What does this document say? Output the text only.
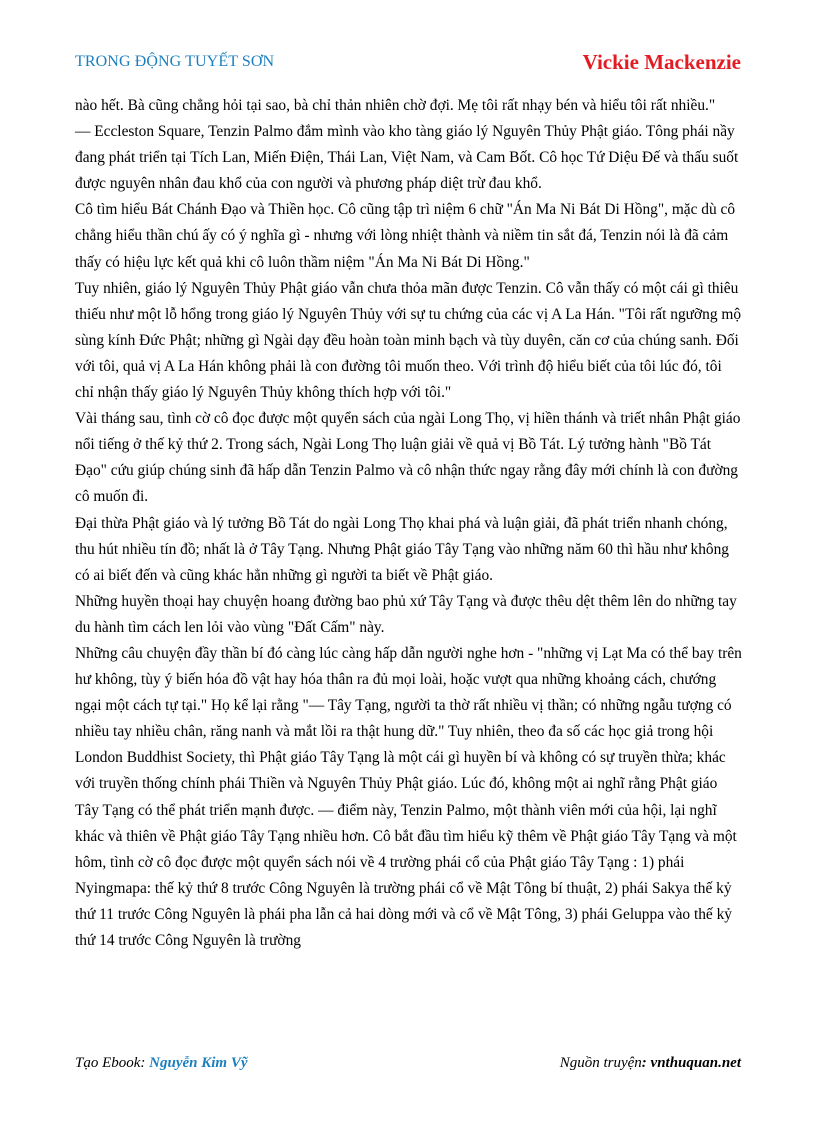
TRONG ĐỘNG TUYẾT SƠN	Vickie Mackenzie

nào hết. Bà cũng chẳng hỏi tại sao, bà chỉ thản nhiên chờ đợi. Mẹ tôi rất nhạy bén và hiểu tôi rất nhiều."

— Eccleston Square, Tenzin Palmo đắm mình vào kho tàng giáo lý Nguyên Thủy Phật giáo. Tông phái nầy đang phát triển tại Tích Lan, Miến Điện, Thái Lan, Việt Nam, và Cam Bốt. Cô học Tứ Diệu Đế và thấu suốt được nguyên nhân đau khổ của con người và phương pháp diệt trừ đau khổ.

Cô tìm hiểu Bát Chánh Đạo và Thiền học. Cô cũng tập trì niệm 6 chữ "Án Ma Ni Bát Di Hồng", mặc dù cô chẳng hiểu thần chú ấy có ý nghĩa gì - nhưng với lòng nhiệt thành và niềm tin sắt đá, Tenzin nói là đã cảm thấy có hiệu lực kết quả khi cô luôn thầm niệm "Án Ma Ni Bát Di Hồng."

Tuy nhiên, giáo lý Nguyên Thủy Phật giáo vẫn chưa thỏa mãn được Tenzin. Cô vẫn thấy có một cái gì thiêu thiếu như một lỗ hổng trong giáo lý Nguyên Thủy với sự tu chứng của các vị A La Hán. "Tôi rất ngưỡng mộ sùng kính Đức Phật; những gì Ngài dạy đều hoàn toàn minh bạch và tùy duyên, căn cơ của chúng sanh. Đối với tôi, quả vị A La Hán không phải là con đường tôi muốn theo. Với trình độ hiểu biết của tôi lúc đó, tôi chỉ nhận thấy giáo lý Nguyên Thủy không thích hợp với tôi."

Vài tháng sau, tình cờ cô đọc được một quyển sách của ngài Long Thọ, vị hiền thánh và triết nhân Phật giáo nổi tiếng ở thế kỷ thứ 2. Trong sách, Ngài Long Thọ luận giải về quả vị Bồ Tát. Lý tưởng hành "Bồ Tát Đạo" cứu giúp chúng sinh đã hấp dẫn Tenzin Palmo và cô nhận thức ngay rằng đây mới chính là con đường cô muốn đi.

Đại thừa Phật giáo và lý tưởng Bồ Tát do ngài Long Thọ khai phá và luận giải, đã phát triển nhanh chóng, thu hút nhiều tín đồ; nhất là ở Tây Tạng. Nhưng Phật giáo Tây Tạng vào những năm 60 thì hầu như không có ai biết đến và cũng khác hẳn những gì người ta biết về Phật giáo.

Những huyền thoại hay chuyện hoang đường bao phủ xứ Tây Tạng và được thêu dệt thêm lên do những tay du hành tìm cách len lỏi vào vùng "Đất Cấm" này.

Những câu chuyện đầy thần bí đó càng lúc càng hấp dẫn người nghe hơn - "những vị Lạt Ma có thể bay trên hư không, tùy ý biến hóa đồ vật hay hóa thân ra đủ mọi loài, hoặc vượt qua những khoảng cách, chướng ngại một cách tự tại." Họ kể lại rằng "— Tây Tạng, người ta thờ rất nhiều vị thần; có những ngẫu tượng có nhiều tay nhiều chân, răng nanh và mắt lồi ra thật hung dữ." Tuy nhiên, theo đa số các học giả trong hội London Buddhist Society, thì Phật giáo Tây Tạng là một cái gì huyền bí và không có sự truyền thừa; khác với truyền thống chính phái Thiền và Nguyên Thủy Phật giáo. Lúc đó, không một ai nghĩ rằng Phật giáo Tây Tạng có thể phát triển mạnh được. — điểm này, Tenzin Palmo, một thành viên mới của hội, lại nghĩ khác và thiên về Phật giáo Tây Tạng nhiều hơn. Cô bắt đầu tìm hiểu kỹ thêm về Phật giáo Tây Tạng và một hôm, tình cờ cô đọc được một quyển sách nói về 4 trường phái cổ của Phật giáo Tây Tạng : 1) phái Nyingmapa: thế kỷ thứ 8 trước Công Nguyên là trường phái cổ về Mật Tông bí thuật, 2) phái Sakya thế kỷ thứ 11 trước Công Nguyên là phái pha lẫn cả hai dòng mới và cổ về Mật Tông, 3) phái Geluppa vào thế kỷ thứ 14 trước Công Nguyên là trường

Tạo Ebook: Nguyễn Kim Vỹ	Nguồn truyện: vnthuquan.net
